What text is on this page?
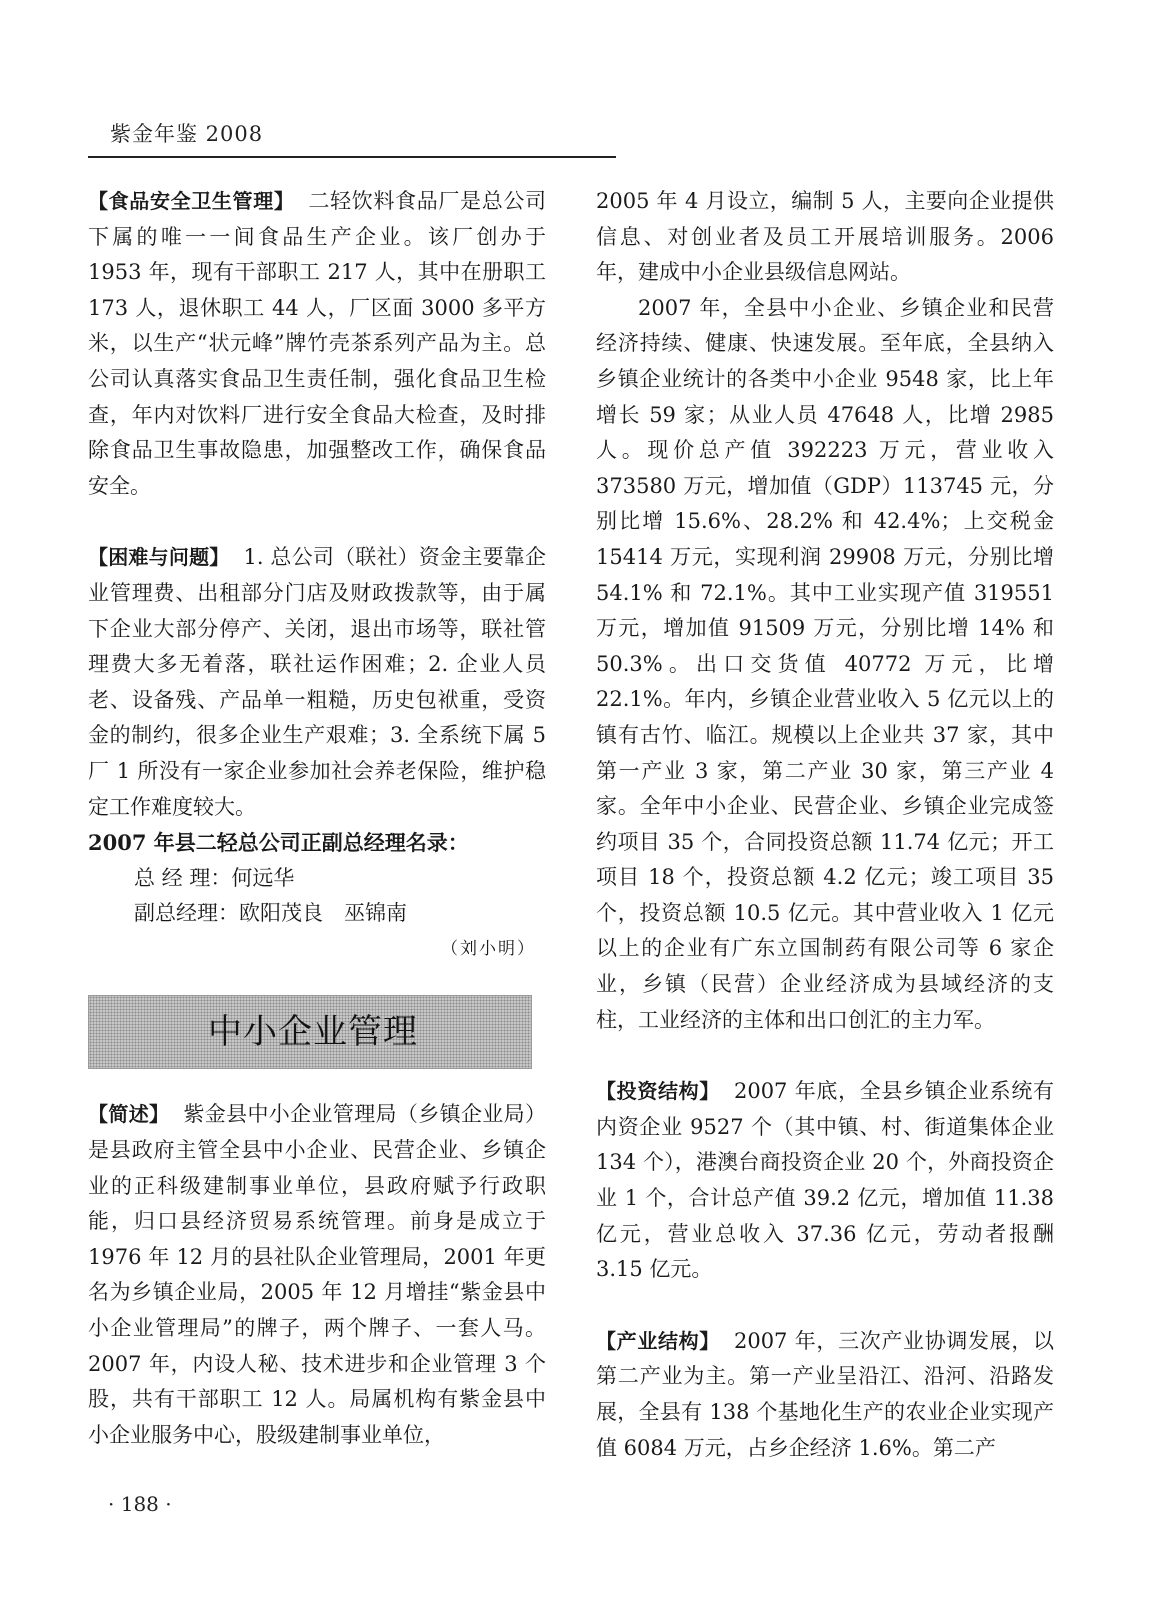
紫金年鉴 2008

【食品安全卫生管理】 二轻饮料食品厂是总公司下属的唯一一间食品生产企业。该厂创办于 1953 年，现有干部职工 217 人，其中在册职工 173 人，退休职工 44 人，厂区面 3000 多平方米，以生产“状元峰”牌竹壳茶系列产品为主。总公司认真落实食品卫生责任制，强化食品卫生检查，年内对饮料厂进行安全食品大检查，及时排除食品卫生事故隐患，加强整改工作，确保食品安全。

【困难与问题】 1. 总公司（联社）资金主要靠企业管理费、出租部分门店及财政拨款等，由于属下企业大部分停产、关闭，退出市场等，联社管理费大多无着落，联社运作困难；2. 企业人员老、设备残、产品单一粗糙，历史包袱重，受资金的制约，很多企业生产艰难；3. 全系统下属 5 厂 1 所没有一家企业参加社会养老保险，维护稳定工作难度较大。

2007 年县二轻总公司正副总经理名录：

总 经 理：何远华

副总经理：欧阳茂良　巫锦南

（刘小明）

中小企业管理

【简述】 紫金县中小企业管理局（乡镇企业局）是县政府主管全县中小企业、民营企业、乡镇企业的正科级建制事业单位，县政府赋予行政职能，归口县经济贸易系统管理。前身是成立于 1976 年 12 月的县社队企业管理局，2001 年更名为乡镇企业局，2005 年 12 月增挂“紫金县中小企业管理局”的牌子，两个牌子、一套人马。2007 年，内设人秘、技术进步和企业管理 3 个股，共有干部职工 12 人。局属机构有紫金县中小企业服务中心，股级建制事业单位，

2005 年 4 月设立，编制 5 人，主要向企业提供信息、对创业者及员工开展培训服务。2006 年，建成中小企业县级信息网站。

2007 年，全县中小企业、乡镇企业和民营经济持续、健康、快速发展。至年底，全县纳入乡镇企业统计的各类中小企业 9548 家，比上年增长 59 家；从业人员 47648 人，比增 2985 人。现价总产值 392223 万元，营业收入 373580 万元，增加值（GDP）113745 元，分别比增 15.6%、28.2% 和 42.4%；上交税金 15414 万元，实现利润 29908 万元，分别比增 54.1% 和 72.1%。其中工业实现产值 319551 万元，增加值 91509 万元，分别比增 14% 和 50.3%。出口交货值 40772 万元，比增 22.1%。年内，乡镇企业营业收入 5 亿元以上的镇有古竹、临江。规模以上企业共 37 家，其中第一产业 3 家，第二产业 30 家，第三产业 4 家。全年中小企业、民营企业、乡镇企业完成签约项目 35 个，合同投资总额 11.74 亿元；开工项目 18 个，投资总额 4.2 亿元；竣工项目 35 个，投资总额 10.5 亿元。其中营业收入 1 亿元以上的企业有广东立国制药有限公司等 6 家企业，乡镇（民营）企业经济成为县域经济的支柱，工业经济的主体和出口创汇的主力军。

【投资结构】 2007 年底，全县乡镇企业系统有内资企业 9527 个（其中镇、村、街道集体企业 134 个），港澳台商投资企业 20 个，外商投资企业 1 个，合计总产值 39.2 亿元，增加值 11.38 亿元，营业总收入 37.36 亿元，劳动者报酬 3.15 亿元。

【产业结构】 2007 年，三次产业协调发展，以第二产业为主。第一产业呈沿江、沿河、沿路发展，全县有 138 个基地化生产的农业企业实现产值 6084 万元，占乡企经济 1.6%。第二产

· 188 ·
